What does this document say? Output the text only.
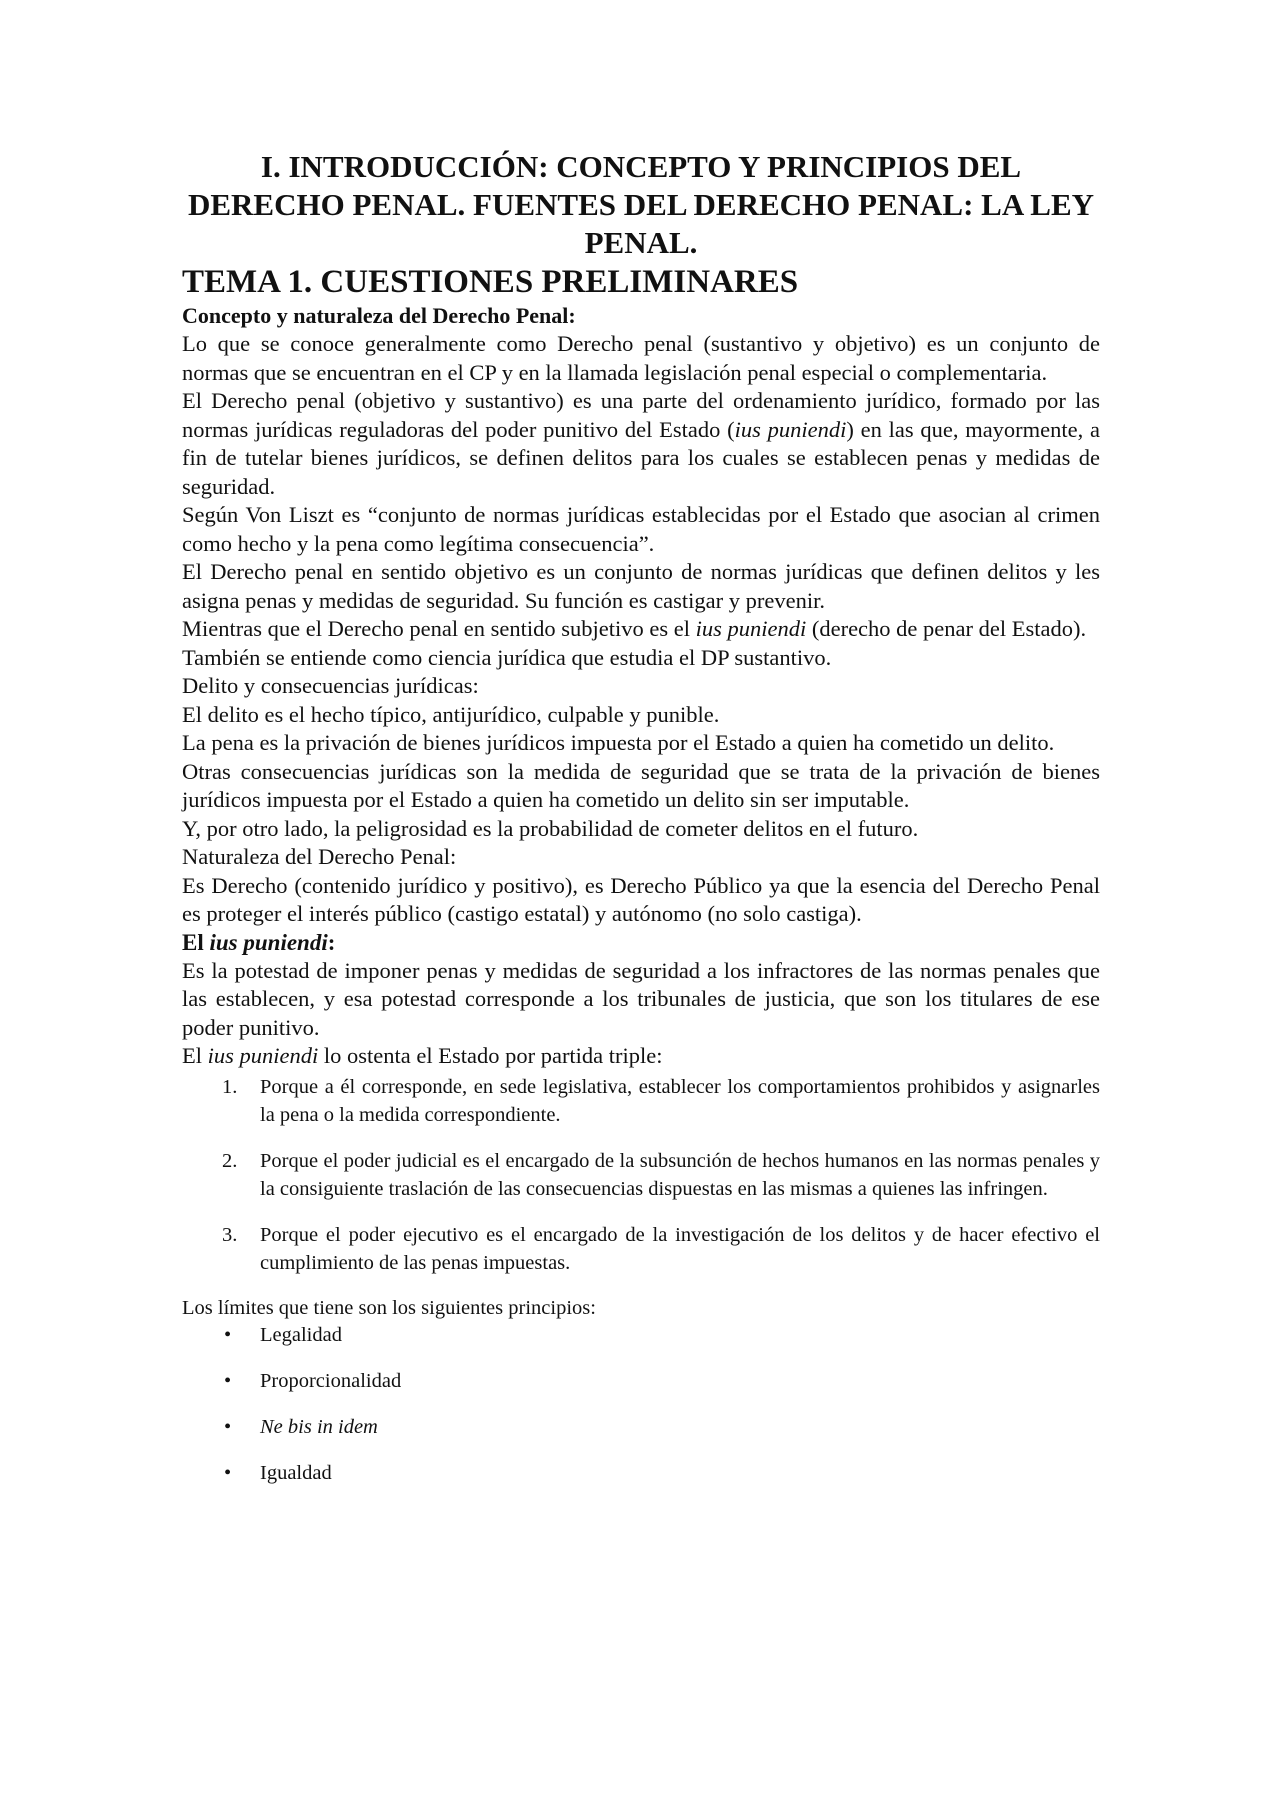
I. INTRODUCCIÓN: CONCEPTO Y PRINCIPIOS DEL DERECHO PENAL. FUENTES DEL DERECHO PENAL: LA LEY PENAL.
TEMA 1. CUESTIONES PRELIMINARES

Concepto y naturaleza del Derecho Penal:

Lo que se conoce generalmente como Derecho penal (sustantivo y objetivo) es un conjunto de normas que se encuentran en el CP y en la llamada legislación penal especial o complementaria.

El Derecho penal (objetivo y sustantivo) es una parte del ordenamiento jurídico, formado por las normas jurídicas reguladoras del poder punitivo del Estado (ius puniendi) en las que, mayormente, a fin de tutelar bienes jurídicos, se definen delitos para los cuales se establecen penas y medidas de seguridad.

Según Von Liszt es “conjunto de normas jurídicas establecidas por el Estado que asocian al crimen como hecho y la pena como legítima consecuencia”.

El Derecho penal en sentido objetivo es un conjunto de normas jurídicas que definen delitos y les asigna penas y medidas de seguridad. Su función es castigar y prevenir.

Mientras que el Derecho penal en sentido subjetivo es el ius puniendi (derecho de penar del Estado).

También se entiende como ciencia jurídica que estudia el DP sustantivo.

Delito y consecuencias jurídicas:

El delito es el hecho típico, antijurídico, culpable y punible.

La pena es la privación de bienes jurídicos impuesta por el Estado a quien ha cometido un delito.

Otras consecuencias jurídicas son la medida de seguridad que se trata de la privación de bienes jurídicos impuesta por el Estado a quien ha cometido un delito sin ser imputable.

Y, por otro lado, la peligrosidad es la probabilidad de cometer delitos en el futuro.

Naturaleza del Derecho Penal:

Es Derecho (contenido jurídico y positivo), es Derecho Público ya que la esencia del Derecho Penal es proteger el interés público (castigo estatal) y autónomo (no solo castiga).

El ius puniendi:

Es la potestad de imponer penas y medidas de seguridad a los infractores de las normas penales que las establecen, y esa potestad corresponde a los tribunales de justicia, que son los titulares de ese poder punitivo.

El ius puniendi lo ostenta el Estado por partida triple:

1. Porque a él corresponde, en sede legislativa, establecer los comportamientos prohibidos y asignarles la pena o la medida correspondiente.
2. Porque el poder judicial es el encargado de la subsunción de hechos humanos en las normas penales y la consiguiente traslación de las consecuencias dispuestas en las mismas a quienes las infringen.
3. Porque el poder ejecutivo es el encargado de la investigación de los delitos y de hacer efectivo el cumplimiento de las penas impuestas.

Los límites que tiene son los siguientes principios:

• Legalidad
• Proporcionalidad
• Ne bis in idem
• Igualdad
